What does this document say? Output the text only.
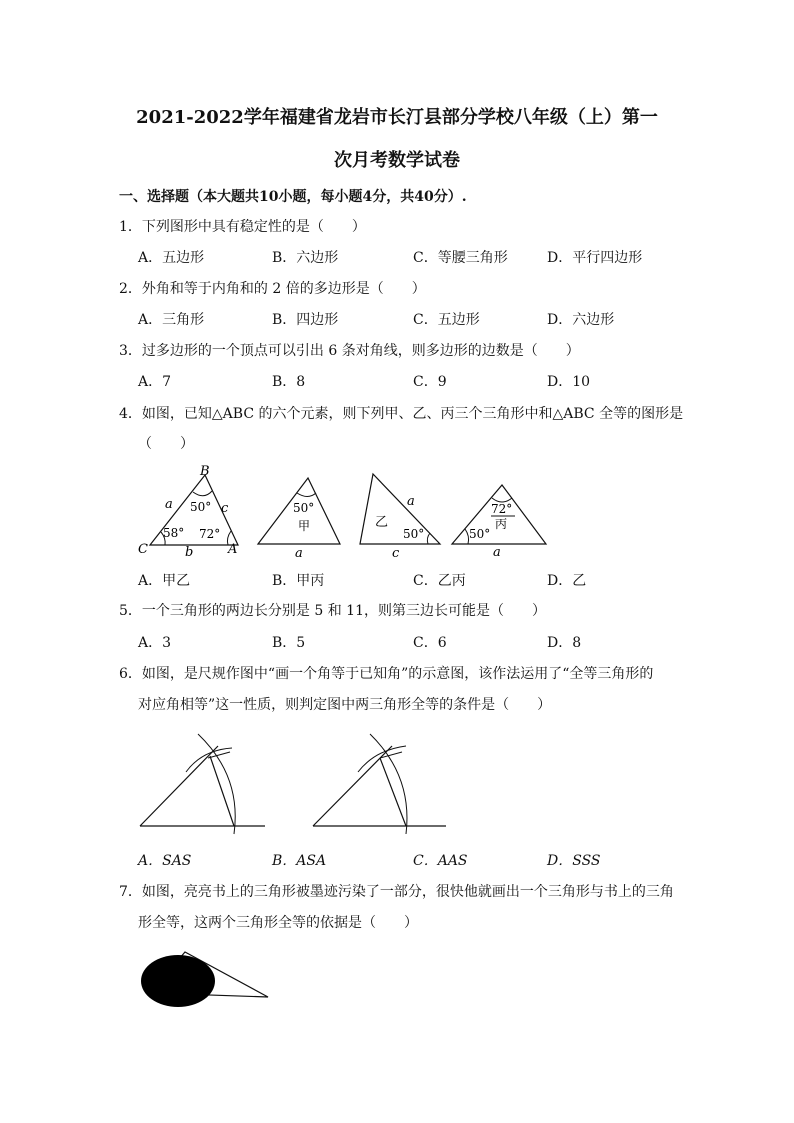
2021-2022学年福建省龙岩市长汀县部分学校八年级（上）第一
次月考数学试卷
一、选择题（本大题共10小题，每小题4分，共40分）.
1．下列图形中具有稳定性的是（　　）
A．五边形	B．六边形	C．等腰三角形	D．平行四边形
2．外角和等于内角和的 2 倍的多边形是（　　）
A．三角形	B．四边形	C．五边形	D．六边形
3．过多边形的一个顶点可以引出 6 条对角线，则多边形的边数是（　　）
A．7	B．8	C．9	D．10
4．如图，已知△ABC 的六个元素，则下列甲、乙、丙三个三角形中和△ABC 全等的图形是
（　　）
B
C	A
a	c
b
50°
58° 72°
50°
甲
a
乙
a
c
50°
72°
丙
50°
a
A．甲乙	B．甲丙	C．乙丙	D．乙
5．一个三角形的两边长分别是 5 和 11，则第三边长可能是（　　）
A．3	B．5	C．6	D．8
6．如图，是尺规作图中“画一个角等于已知角”的示意图，该作法运用了“全等三角形的
对应角相等”这一性质，则判定图中两三角形全等的条件是（　　）
A．SAS	B．ASA	C．AAS	D．SSS
7．如图，亮亮书上的三角形被墨迹污染了一部分，很快他就画出一个三角形与书上的三角
形全等，这两个三角形全等的依据是（　　）
